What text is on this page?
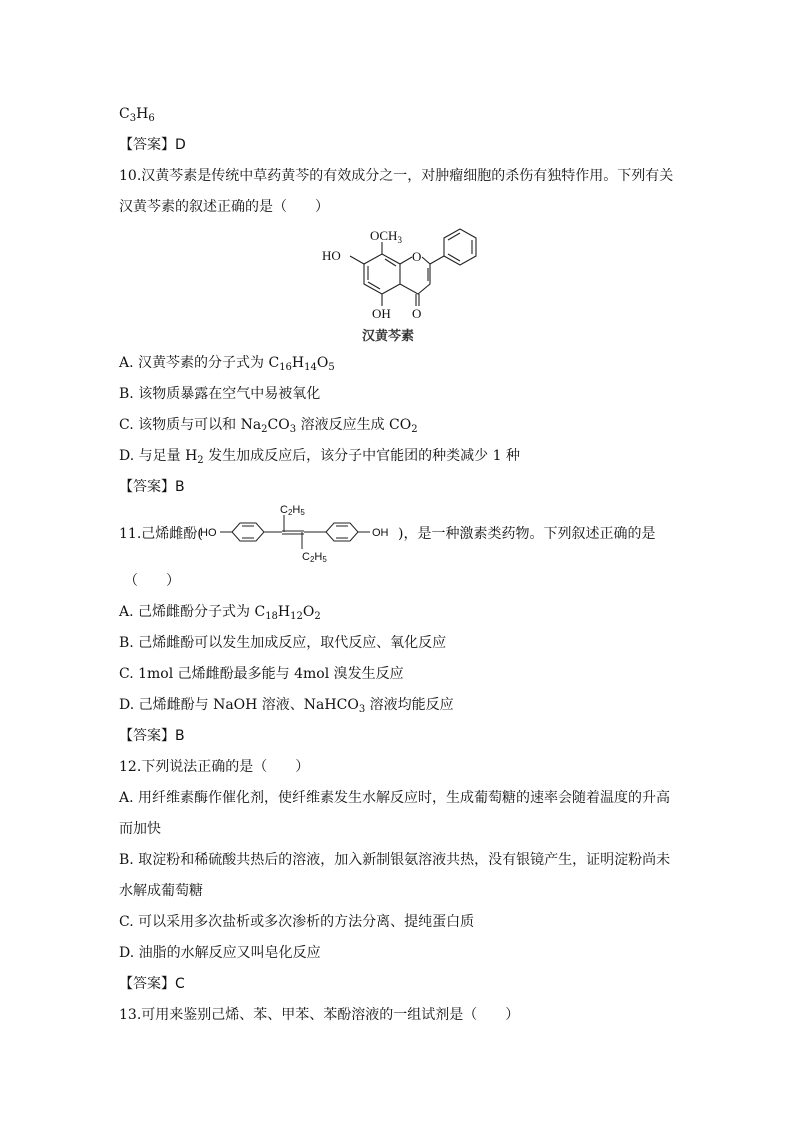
$C_3H_6$
【答案】D
10.汉黄芩素是传统中草药黄芩的有效成分之一，对肿瘤细胞的杀伤有独特作用。下列有关
汉黄芩素的叙述正确的是（　　）
$OCH_3$
HO	O
O
OH
汉黄芩素
A. 汉黄芩素的分子式为 $C_{16}H_{14}O_5$
B. 该物质暴露在空气中易被氧化
C. 该物质与可以和 $Na_2CO_3$ 溶液反应生成 $CO_2$
D. 与足量 $H_2$ 发生加成反应后，该分子中官能团的种类减少 1 种
【答案】B
11.己烯雌酚(
HO	OH
C2H5
C2H5
)，是一种激素类药物。下列叙述正确的是
（　　）
A. 己烯雌酚分子式为 $C_{18}H_{12}O_2$
B. 己烯雌酚可以发生加成反应，取代反应、氧化反应
C. 1mol 己烯雌酚最多能与 4mol 溴发生反应
D. 己烯雌酚与 NaOH 溶液、NaHCO$_3$ 溶液均能反应
【答案】B
12.下列说法正确的是（　　）
A. 用纤维素酶作催化剂，使纤维素发生水解反应时，生成葡萄糖的速率会随着温度的升高
而加快
B. 取淀粉和稀硫酸共热后的溶液，加入新制银氨溶液共热，没有银镜产生，证明淀粉尚未
水解成葡萄糖
C. 可以采用多次盐析或多次渗析的方法分离、提纯蛋白质
D. 油脂的水解反应又叫皂化反应
【答案】C
13.可用来鉴别己烯、苯、甲苯、苯酚溶液的一组试剂是（　　）
